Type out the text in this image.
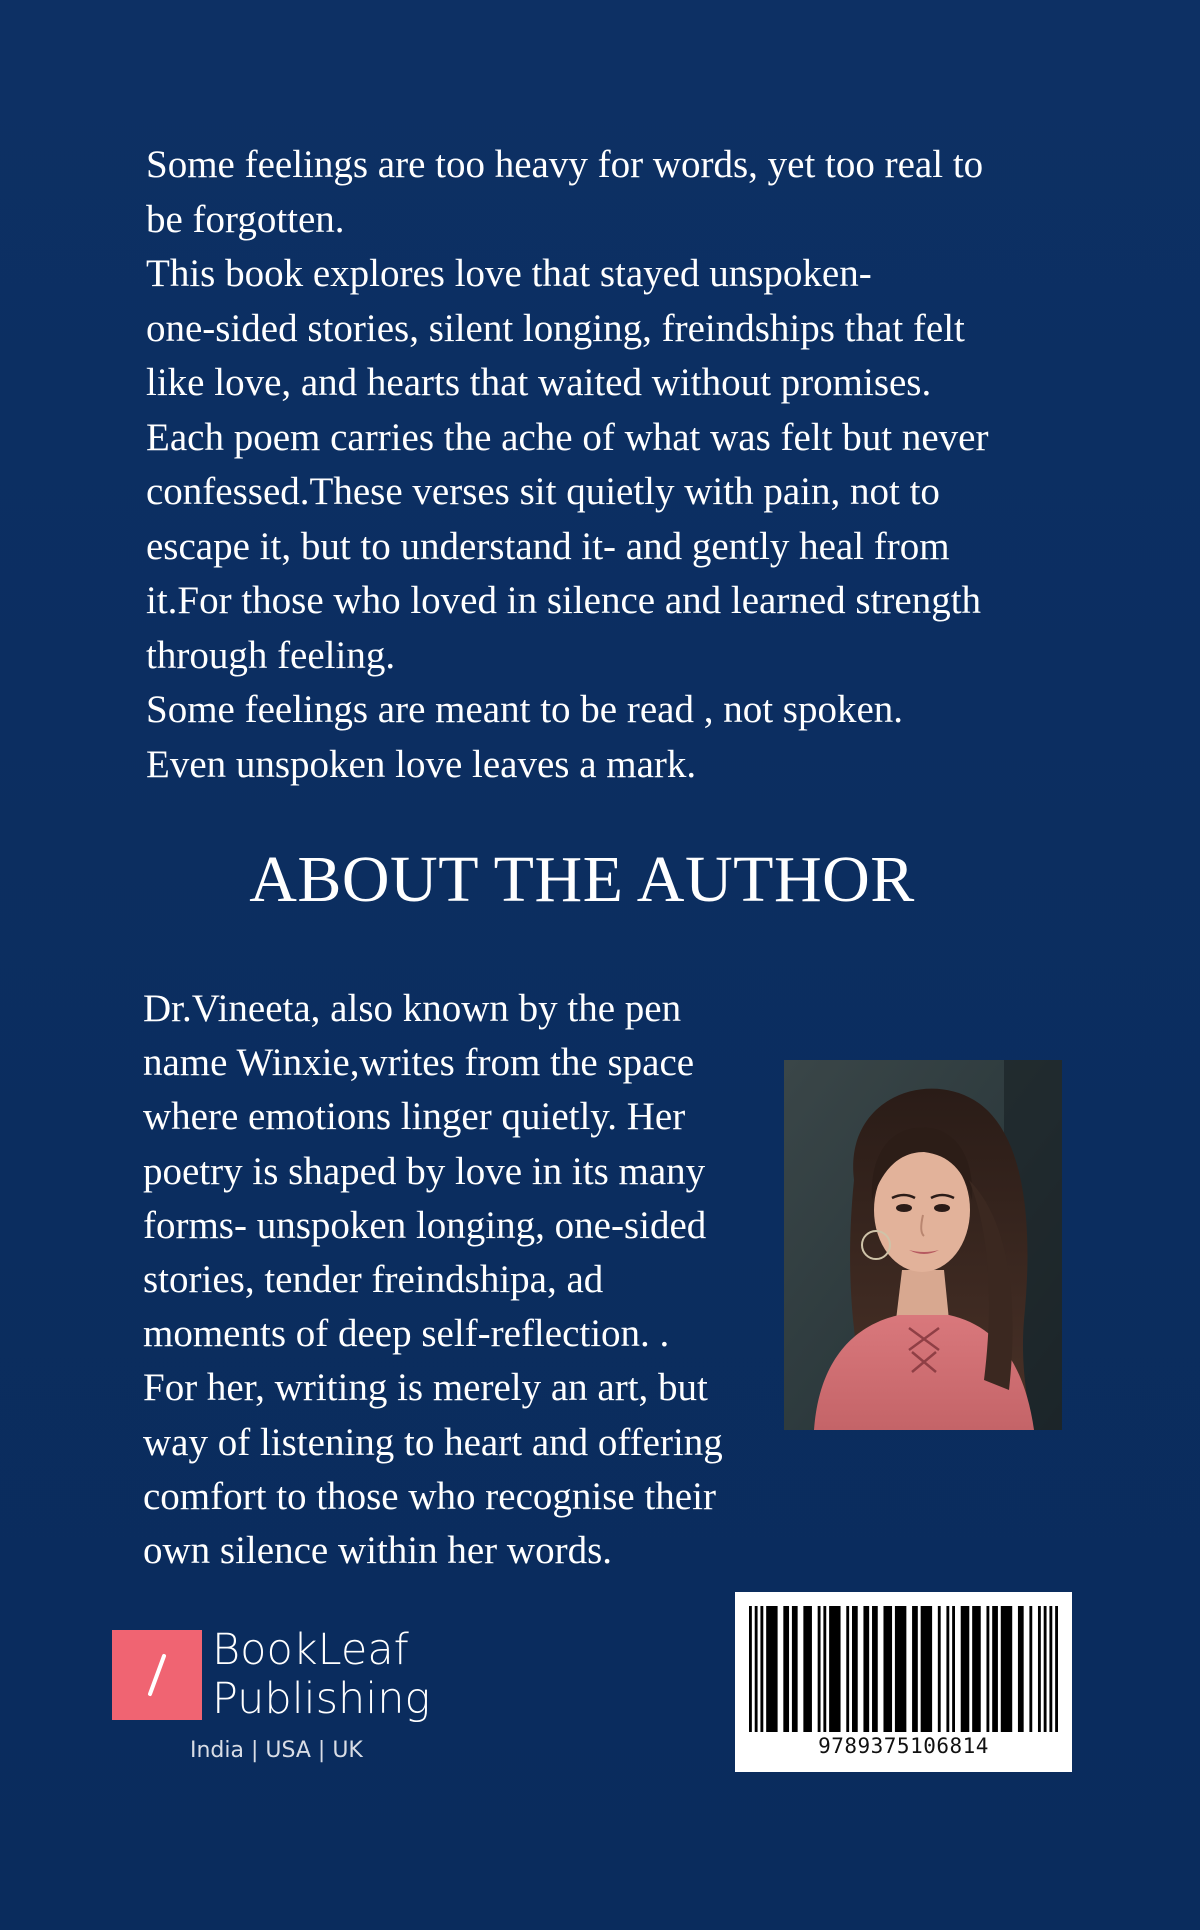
Some feelings are too heavy for words, yet too real to
be forgotten.

This book explores love that stayed unspoken-
one-sided stories, silent longing, freindships that felt
like love, and hearts that waited without promises.
Each poem carries the ache of what was felt but never
confessed.These verses sit quietly with pain, not to
escape it, but to understand it- and gently heal from
it.For those who loved in silence and learned strength
through feeling.

Some feelings are meant to be read , not spoken.

Even unspoken love leaves a mark.

ABOUT THE AUTHOR

Dr.Vineeta, also known by the pen
name Winxie,writes from the space
where emotions linger quietly. Her
poetry is shaped by love in its many
forms- unspoken longing, one-sided
stories, tender freindshipa, ad
moments of deep self-reflection. .
For her, writing is merely an art, but
way of listening to heart and offering
comfort to those who recognise their
own silence within her words.

BookLeaf
Publishing
India | USA | UK	9789375106814
